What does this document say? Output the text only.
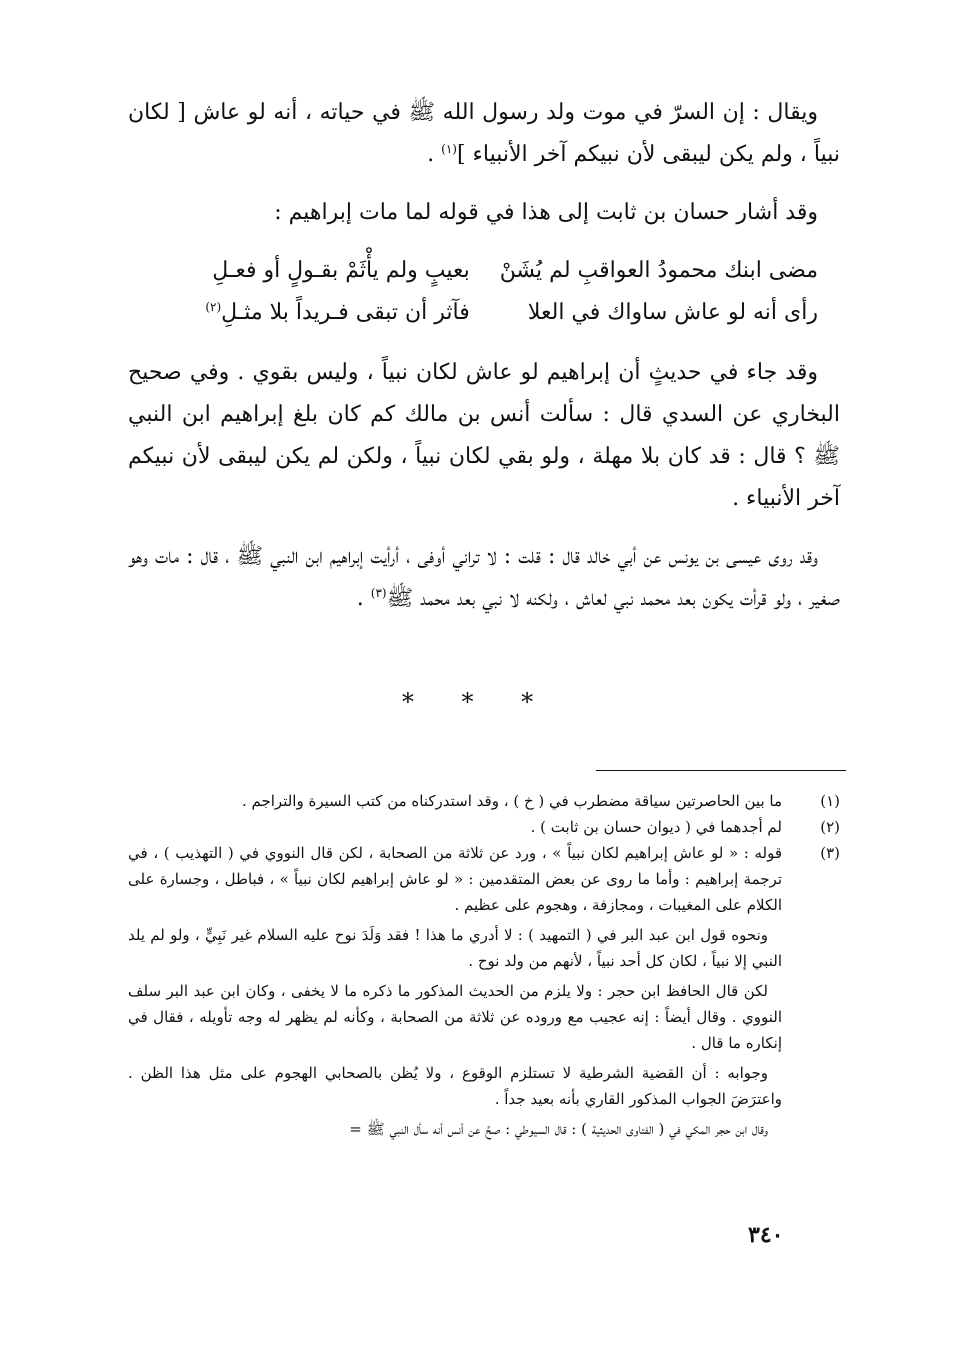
ويقال : إن السرّ في موت ولد رسول الله ﷺ في حياته ، أنه لو عاش [ لكان نبياً ، ولم يكن ليبقى لأن نبيكم آخر الأنبياء ]$^{(١)}$ .

وقد أشار حسان بن ثابت إلى هذا في قوله لما مات إبراهيم :

مضى ابنك محمودُ العواقبِ لم يُشَنْ
بعيبٍ ولم يأْثَمْ بقـولٍ أو فعـلِ
رأى أنه لو عاش ساواك في العلا
فآثر أن تبقى فـريداً بلا مثـلِ$^{(٢)}$

وقد جاء في حديثٍ أن إبراهيم لو عاش لكان نبياً ، وليس بقوي . وفي صحيح البخاري عن السدي قال : سألت أنس بن مالك كم كان بلغ إبراهيم ابن النبي ﷺ ؟ قال : قد كان بلا مهلة ، ولو بقي لكان نبياً ، ولكن لم يكن ليبقى لأن نبيكم آخر الأنبياء .

وقد روى عيسى بن يونس عن أبي خالد قال : قلت : لا تراني أوفى ، أرأيت إبراهيم ابن النبي ﷺ ، قال : مات وهو صغير ، ولو قرأت يكون بعد محمد نبي لعاش ، ولكنه لا نبي بعد محمد ﷺ$^{(٣)}$ .

* * *
(١)

ما بين الحاصرتين سياقة مضطرب في ( خ ) ، وقد استدركناه من كتب السيرة والتراجم .

(٢)

لم أجدهما في ( ديوان حسان بن ثابت ) .

(٣)

قوله : « لو عاش إبراهيم لكان نبياً » ، ورد عن ثلاثة من الصحابة ، لكن قال النووي في ( التهذيب ) ، في ترجمة إبراهيم : وأما ما روى عن بعض المتقدمين : « لو عاش إبراهيم لكان نبياً » ، فباطل ، وجسارة على الكلام على المغيبات ، ومجازفة ، وهجوم على عظيم .

ونحوه قول ابن عبد البر في ( التمهيد ) : لا أدري ما هذا ! فقد وَلَدَ نوح عليه السلام غير نَبِيٍّ ، ولو لم يلد النبي إلا نبياً ، لكان كل أحد نبياً ، لأنهم من ولد نوح .

لكن قال الحافظ ابن حجر : ولا يلزم من الحديث المذكور ما ذكره ما لا يخفى ، وكان ابن عبد البر سلف النووي . وقال أيضاً : إنه عجيب مع وروده عن ثلاثة من الصحابة ، وكأنه لم يظهر له وجه تأويله ، فقال في إنكاره ما قال .

وجوابه : أن القضية الشرطية لا تستلزم الوقوع ، ولا يُظن بالصحابي الهجوم على مثل هذا الظن . واعترَضَ الجواب المذكور القاري بأنه بعيد جداً .

وقال ابن حجر المكي في ( الفتاوى الحديثية ) : قال السيوطي : صحَّ عن أنس أنه سأل النبي ﷺ =

٣٤٠
